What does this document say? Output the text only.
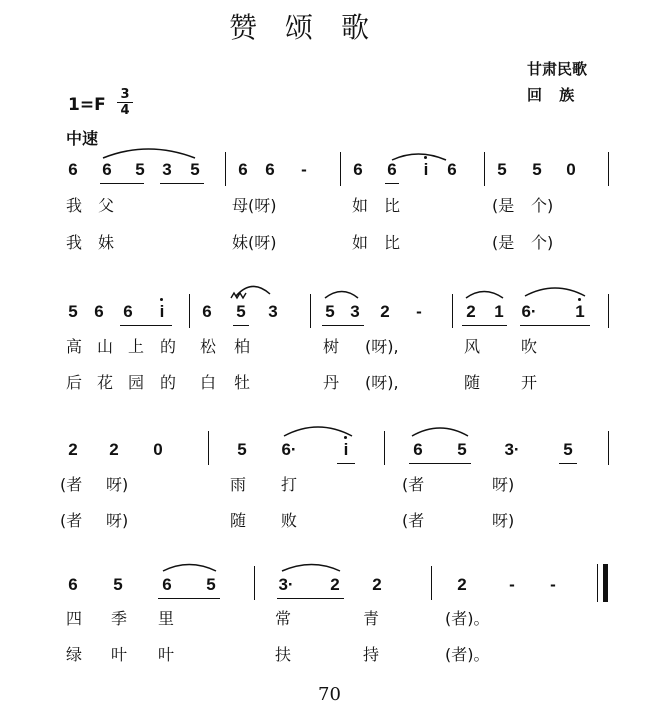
赞颂歌
甘肃民歌
回 族
1=F
3
4
中速
6 6 5 3 5 6 6	-	6 6	i	6 5 5 0
我 父	母(呀)	如 比	(是 个)
我 妹	妹(呀)	如 比	(是 个)
5 6 6	i	6 5 3	5 3 2	-	2 1 6· 1
高 山 上 的 松 柏	树 (呀),	风	吹
后 花 园 的 白 牡	丹 (呀),	随	开
2 2 0	5 6·	i	6 5 3·	5
(者 呀)	雨 打	(者	呀)
(者 呀)	随 败	(者	呀)
6 5 6 5	3· 2 2	2	-	-
四 季 里	常	青	(者)。
绿 叶 叶	扶	持	(者)。
70
